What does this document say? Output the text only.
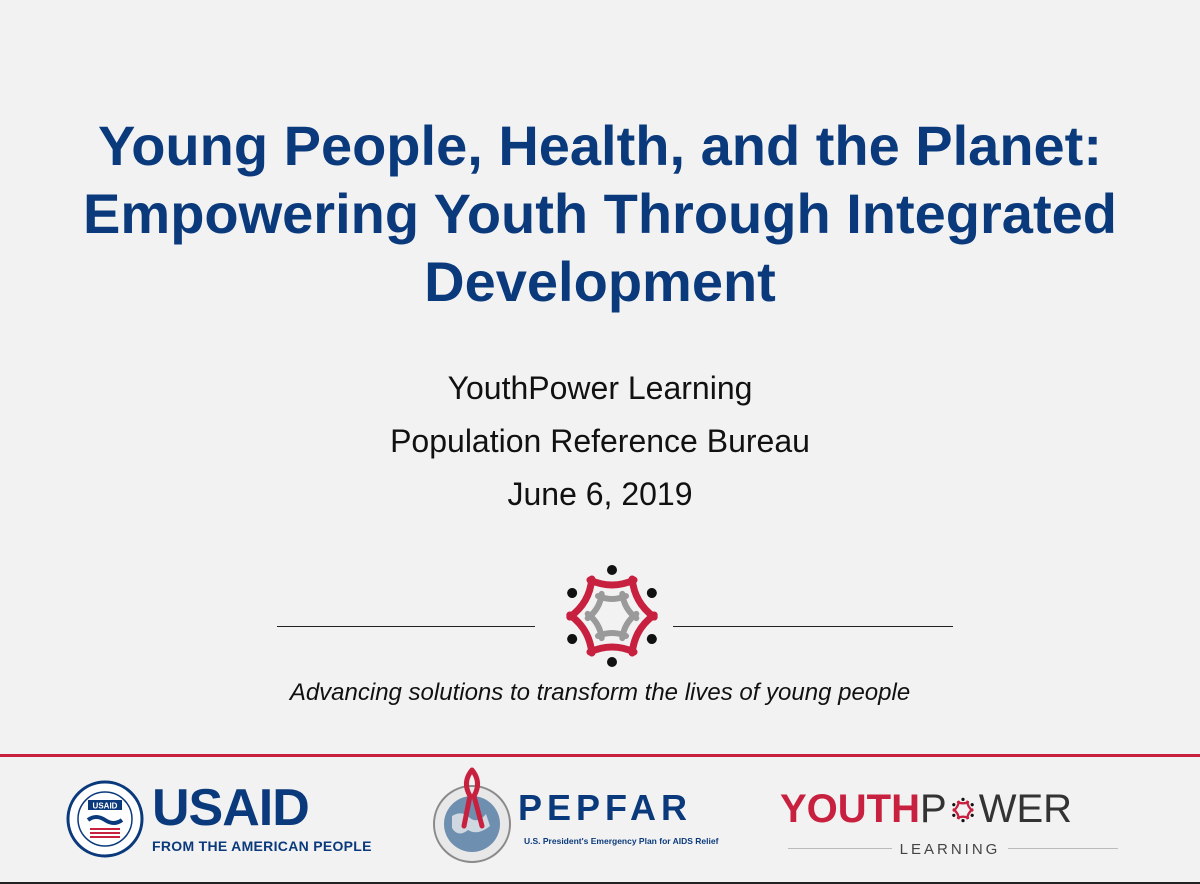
Young People, Health, and the Planet:
Empowering Youth Through Integrated
Development
YouthPower Learning
Population Reference Bureau
June 6, 2019
Advancing solutions to transform the lives of young people
USAID USAID
FROM THE AMERICAN PEOPLE
PEPFAR
U.S. President's Emergency Plan for AIDS Relief
YOUTHP WER
LEARNING
